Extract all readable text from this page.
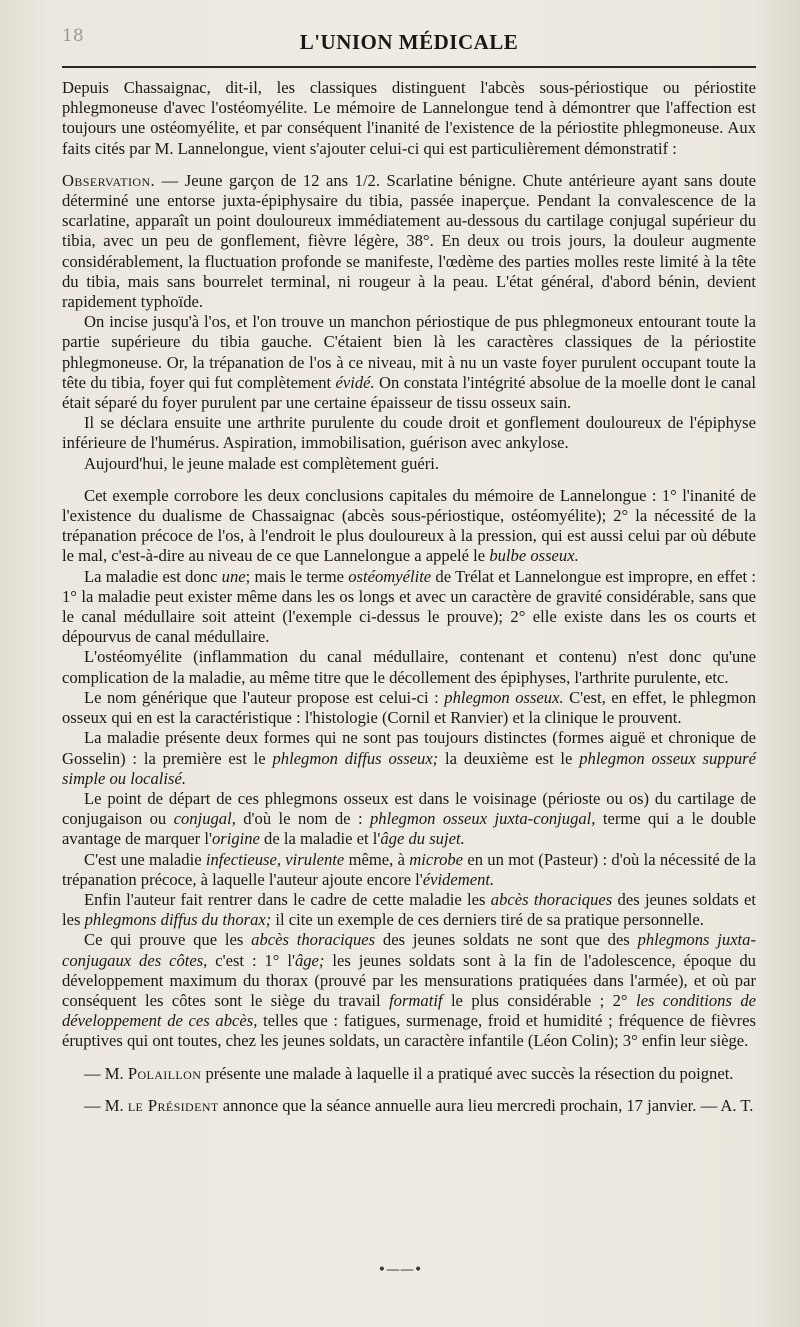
18	L'UNION MÉDICALE

Depuis Chassaignac, dit-il, les classiques distinguent l'abcès sous-périostique ou périostite phlegmoneuse d'avec l'ostéomyélite. Le mémoire de Lannelongue tend à démontrer que l'affection est toujours une ostéomyélite, et par conséquent l'inanité de l'existence de la périostite phlegmoneuse. Aux faits cités par M. Lannelongue, vient s'ajouter celui-ci qui est particulièrement démonstratif :

Observation. — Jeune garçon de 12 ans 1/2. Scarlatine bénigne. Chute antérieure ayant sans doute déterminé une entorse juxta-épiphysaire du tibia, passée inaperçue. Pendant la convalescence de la scarlatine, apparaît un point douloureux immédiatement au-dessous du cartilage conjugal supérieur du tibia, avec un peu de gonflement, fièvre légère, 38°. En deux ou trois jours, la douleur augmente considérablement, la fluctuation profonde se manifeste, l'œdème des parties molles reste limité à la tête du tibia, mais sans bourrelet terminal, ni rougeur à la peau. L'état général, d'abord bénin, devient rapidement typhoïde.

On incise jusqu'à l'os, et l'on trouve un manchon périostique de pus phlegmoneux entourant toute la partie supérieure du tibia gauche. C'étaient bien là les caractères classiques de la périostite phlegmoneuse. Or, la trépanation de l'os à ce niveau, mit à nu un vaste foyer purulent occupant toute la tête du tibia, foyer qui fut complètement évidé. On constata l'intégrité absolue de la moelle dont le canal était séparé du foyer purulent par une certaine épaisseur de tissu osseux sain.

Il se déclara ensuite une arthrite purulente du coude droit et gonflement douloureux de l'épiphyse inférieure de l'humérus. Aspiration, immobilisation, guérison avec ankylose.

Aujourd'hui, le jeune malade est complètement guéri.

Cet exemple corrobore les deux conclusions capitales du mémoire de Lannelongue : 1° l'inanité de l'existence du dualisme de Chassaignac (abcès sous-périostique, ostéomyélite); 2° la nécessité de la trépanation précoce de l'os, à l'endroit le plus douloureux à la pression, qui est aussi celui par où débute le mal, c'est-à-dire au niveau de ce que Lannelongue a appelé le bulbe osseux.

La maladie est donc une; mais le terme ostéomyélite de Trélat et Lannelongue est impropre, en effet : 1° la maladie peut exister même dans les os longs et avec un caractère de gravité considérable, sans que le canal médullaire soit atteint (l'exemple ci-dessus le prouve); 2° elle existe dans les os courts et dépourvus de canal médullaire.

L'ostéomyélite (inflammation du canal médullaire, contenant et contenu) n'est donc qu'une complication de la maladie, au même titre que le décollement des épiphyses, l'arthrite purulente, etc.

Le nom générique que l'auteur propose est celui-ci : phlegmon osseux. C'est, en effet, le phlegmon osseux qui en est la caractéristique : l'histologie (Cornil et Ranvier) et la clinique le prouvent.

La maladie présente deux formes qui ne sont pas toujours distinctes (formes aiguë et chronique de Gosselin) : la première est le phlegmon diffus osseux; la deuxième est le phlegmon osseux suppuré simple ou localisé.

Le point de départ de ces phlegmons osseux est dans le voisinage (périoste ou os) du cartilage de conjugaison ou conjugal, d'où le nom de : phlegmon osseux juxta-conjugal, terme qui a le double avantage de marquer l'origine de la maladie et l'âge du sujet.

C'est une maladie infectieuse, virulente même, à microbe en un mot (Pasteur) : d'où la nécessité de la trépanation précoce, à laquelle l'auteur ajoute encore l'évidement.

Enfin l'auteur fait rentrer dans le cadre de cette maladie les abcès thoraciques des jeunes soldats et les phlegmons diffus du thorax; il cite un exemple de ces derniers tiré de sa pratique personnelle.

Ce qui prouve que les abcès thoraciques des jeunes soldats ne sont que des phlegmons juxta-conjugaux des côtes, c'est : 1° l'âge; les jeunes soldats sont à la fin de l'adolescence, époque du développement maximum du thorax (prouvé par les mensurations pratiquées dans l'armée), et où par conséquent les côtes sont le siège du travail formatif le plus considérable ; 2° les conditions de développement de ces abcès, telles que : fatigues, surmenage, froid et humidité ; fréquence de fièvres éruptives qui ont toutes, chez les jeunes soldats, un caractère infantile (Léon Colin); 3° enfin leur siège.

— M. Polaillon présente une malade à laquelle il a pratiqué avec succès la résection du poignet.

— M. le Président annonce que la séance annuelle aura lieu mercredi prochain, 17 janvier. — A. T.

•——•
